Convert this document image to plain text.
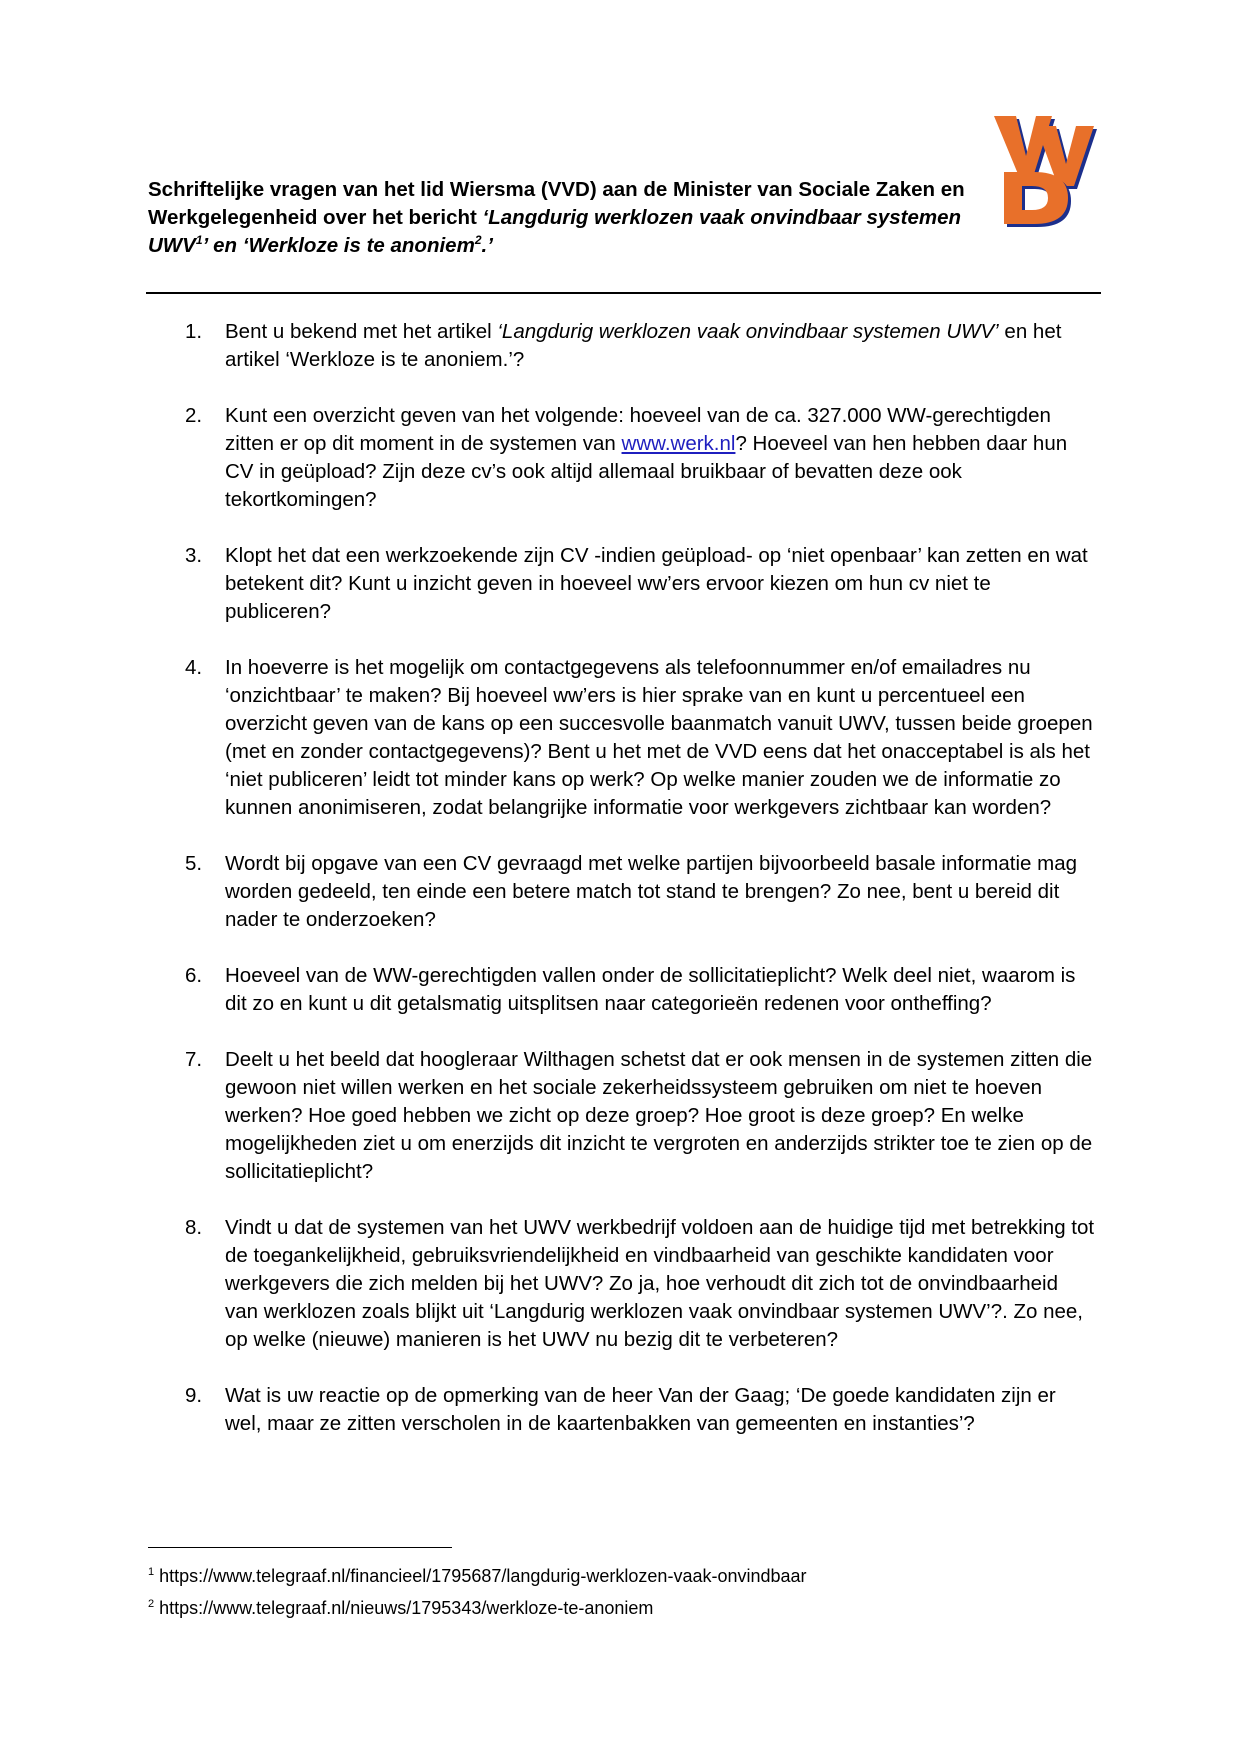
Schriftelijke vragen van het lid Wiersma (VVD) aan de Minister van Sociale Zaken en Werkgelegenheid over het bericht ‘Langdurig werklozen vaak onvindbaar systemen UWV$^1$’ en ‘Werkloze is te anoniem$^2$.’
1. Bent u bekend met het artikel ‘Langdurig werklozen vaak onvindbaar systemen UWV’ en het artikel ‘Werkloze is te anoniem.’?
2. Kunt een overzicht geven van het volgende: hoeveel van de ca. 327.000 WW-gerechtigden zitten er op dit moment in de systemen van www.werk.nl? Hoeveel van hen hebben daar hun CV in geüpload? Zijn deze cv’s ook altijd allemaal bruikbaar of bevatten deze ook tekortkomingen?
3. Klopt het dat een werkzoekende zijn CV -indien geüpload- op ‘niet openbaar’ kan zetten en wat betekent dit? Kunt u inzicht geven in hoeveel ww’ers ervoor kiezen om hun cv niet te publiceren?
4. In hoeverre is het mogelijk om contactgegevens als telefoonnummer en/of emailadres nu ‘onzichtbaar’ te maken? Bij hoeveel ww’ers is hier sprake van en kunt u percentueel een overzicht geven van de kans op een succesvolle baanmatch vanuit UWV, tussen beide groepen (met en zonder contactgegevens)? Bent u het met de VVD eens dat het onacceptabel is als het ‘niet publiceren’ leidt tot minder kans op werk? Op welke manier zouden we de informatie zo kunnen anonimiseren, zodat belangrijke informatie voor werkgevers zichtbaar kan worden?
5. Wordt bij opgave van een CV gevraagd met welke partijen bijvoorbeeld basale informatie mag worden gedeeld, ten einde een betere match tot stand te brengen? Zo nee, bent u bereid dit nader te onderzoeken?
6. Hoeveel van de WW-gerechtigden vallen onder de sollicitatieplicht? Welk deel niet, waarom is dit zo en kunt u dit getalsmatig uitsplitsen naar categorieën redenen voor ontheffing?
7. Deelt u het beeld dat hoogleraar Wilthagen schetst dat er ook mensen in de systemen zitten die gewoon niet willen werken en het sociale zekerheidssysteem gebruiken om niet te hoeven werken? Hoe goed hebben we zicht op deze groep? Hoe groot is deze groep? En welke mogelijkheden ziet u om enerzijds dit inzicht te vergroten en anderzijds strikter toe te zien op de sollicitatieplicht?
8. Vindt u dat de systemen van het UWV werkbedrijf voldoen aan de huidige tijd met betrekking tot de toegankelijkheid, gebruiksvriendelijkheid en vindbaarheid van geschikte kandidaten voor werkgevers die zich melden bij het UWV? Zo ja, hoe verhoudt dit zich tot de onvindbaarheid van werklozen zoals blijkt uit ‘Langdurig werklozen vaak onvindbaar systemen UWV’?. Zo nee, op welke (nieuwe) manieren is het UWV nu bezig dit te verbeteren?
9. Wat is uw reactie op de opmerking van de heer Van der Gaag; ‘De goede kandidaten zijn er wel, maar ze zitten verscholen in de kaartenbakken van gemeenten en instanties’?
$^1$ https://www.telegraaf.nl/financieel/1795687/langdurig-werklozen-vaak-onvindbaar
$^2$ https://www.telegraaf.nl/nieuws/1795343/werkloze-te-anoniem
